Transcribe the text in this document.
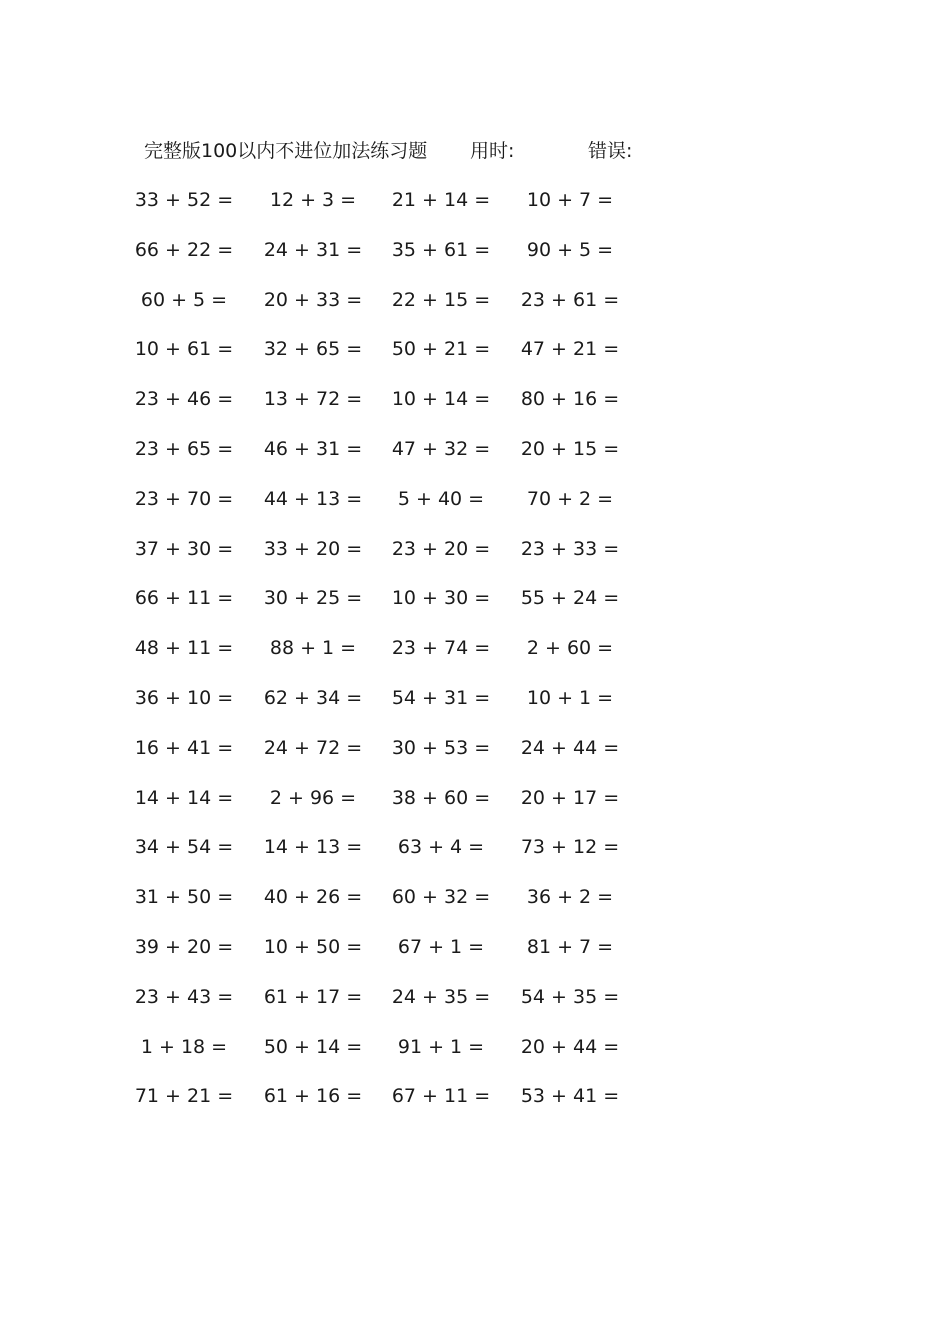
完整版100以内不进位加法练习题 用时:	错误:
33 + 52 =	12 + 3 =	21 + 14 =	10 + 7 =
66 + 22 =	24 + 31 =	35 + 61 =	90 + 5 =
60 + 5 =	20 + 33 =	22 + 15 =	23 + 61 =
10 + 61 =	32 + 65 =	50 + 21 =	47 + 21 =
23 + 46 =	13 + 72 =	10 + 14 =	80 + 16 =
23 + 65 =	46 + 31 =	47 + 32 =	20 + 15 =
23 + 70 =	44 + 13 =	5 + 40 =	70 + 2 =
37 + 30 =	33 + 20 =	23 + 20 =	23 + 33 =
66 + 11 =	30 + 25 =	10 + 30 =	55 + 24 =
48 + 11 =	88 + 1 =	23 + 74 =	2 + 60 =
36 + 10 =	62 + 34 =	54 + 31 =	10 + 1 =
16 + 41 =	24 + 72 =	30 + 53 =	24 + 44 =
14 + 14 =	2 + 96 =	38 + 60 =	20 + 17 =
34 + 54 =	14 + 13 =	63 + 4 =	73 + 12 =
31 + 50 =	40 + 26 =	60 + 32 =	36 + 2 =
39 + 20 =	10 + 50 =	67 + 1 =	81 + 7 =
23 + 43 =	61 + 17 =	24 + 35 =	54 + 35 =
1 + 18 =	50 + 14 =	91 + 1 =	20 + 44 =
71 + 21 =	61 + 16 =	67 + 11 =	53 + 41 =
